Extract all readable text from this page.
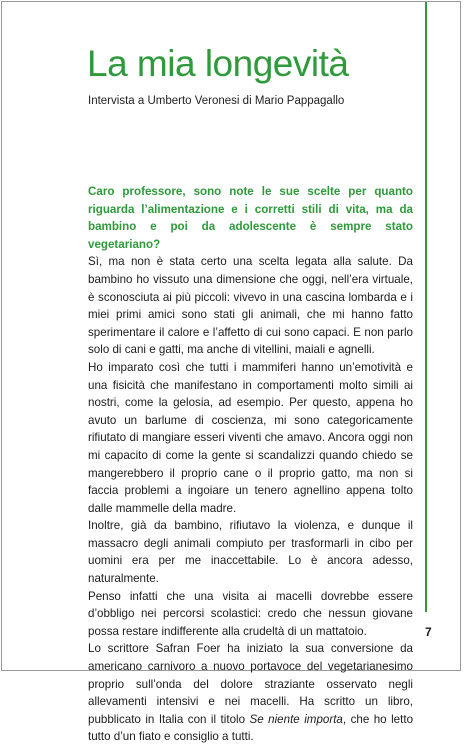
La mia longevità

Intervista a Umberto Veronesi di Mario Pappagallo

Caro professore, sono note le sue scelte per quanto riguarda l’alimentazione e i corretti stili di vita, ma da bambino e poi da adolescente è sempre stato vegetariano?

Sì, ma non è stata certo una scelta legata alla salute. Da bambino ho vissuto una dimensione che oggi, nell’era virtuale, è sconosciuta ai più piccoli: vivevo in una cascina lombarda e i miei primi amici sono stati gli animali, che mi hanno fatto sperimentare il calore e l’affetto di cui sono capaci. E non parlo solo di cani e gatti, ma anche di vitellini, maiali e agnelli.

Ho imparato così che tutti i mammiferi hanno un’emotività e una fisicità che manifestano in comportamenti molto simili ai nostri, come la gelosia, ad esempio. Per questo, appena ho avuto un barlume di coscienza, mi sono categoricamente rifiutato di mangiare esseri viventi che amavo. Ancora oggi non mi capacito di come la gente si scandalizzi quando chiedo se mangerebbero il proprio cane o il proprio gatto, ma non si faccia problemi a ingoiare un tenero agnellino appena tolto dalle mammelle della madre.

Inoltre, già da bambino, rifiutavo la violenza, e dunque il massacro degli animali compiuto per trasformarli in cibo per uomini era per me inaccettabile. Lo è ancora adesso, naturalmente.

Penso infatti che una visita ai macelli dovrebbe essere d’obbligo nei percorsi scolastici: credo che nessun giovane possa restare indifferente alla crudeltà di un mattatoio.

Lo scrittore Safran Foer ha iniziato la sua conversione da americano carnivoro a nuovo portavoce del vegetarianesimo proprio sull’onda del dolore straziante osservato negli allevamenti intensivi e nei macelli. Ha scritto un libro, pubblicato in Italia con il titolo Se niente importa, che ho letto tutto d’un fiato e consiglio a tutti.

7
